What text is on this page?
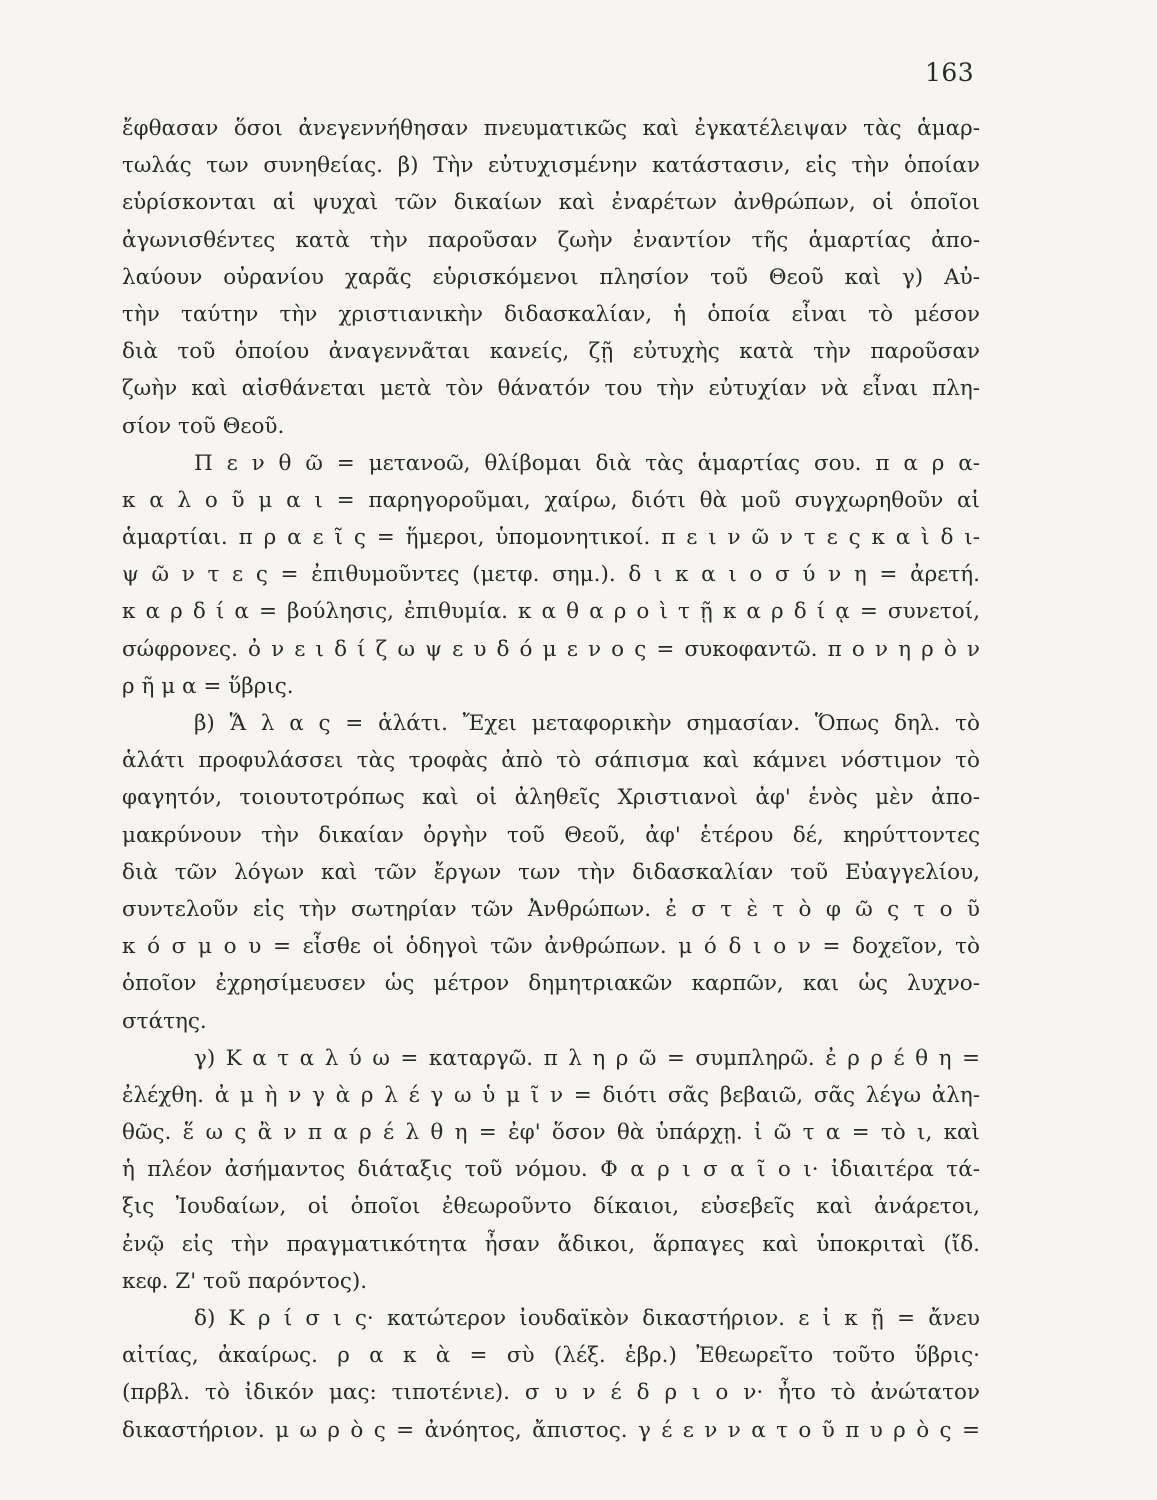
163
ἔφθασαν ὅσοι ἀνεγεννήθησαν πνευματικῶς καὶ ἐγκατέλειψαν τὰς ἁμαρ-
τωλάς των συνηθείας. β) Τὴν εὐτυχισμένην κατάστασιν, εἰς τὴν ὁποίαν
εὑρίσκονται αἱ ψυχαὶ τῶν δικαίων καὶ ἐναρέτων ἀνθρώπων, οἱ ὁποῖοι
ἀγωνισθέντες κατὰ τὴν παροῦσαν ζωὴν ἐναντίον τῆς ἁμαρτίας ἀπο-
λαύουν οὐρανίου χαρᾶς εὑρισκόμενοι πλησίον τοῦ Θεοῦ καὶ γ) Αὐ-
τὴν ταύτην τὴν χριστιανικὴν διδασκαλίαν, ἡ ὁποία εἶναι τὸ μέσον
διὰ τοῦ ὁποίου ἀναγεννᾶται κανείς, ζῇ εὐτυχὴς κατὰ τὴν παροῦσαν
ζωὴν καὶ αἰσθάνεται μετὰ τὸν θάνατόν του τὴν εὐτυχίαν νὰ εἶναι πλη-
σίον τοῦ Θεοῦ.
Π ε ν θ ῶ = μετανοῶ, θλίβομαι διὰ τὰς ἁμαρτίας σου. π α ρ α-
κ α λ ο ῦ μ α ι = παρηγοροῦμαι, χαίρω, διότι θὰ μοῦ συγχωρηθοῦν αἱ
ἁμαρτίαι. π ρ α ε ῖ ς = ἥμεροι, ὑπομονητικοί. π ε ι ν ῶ ν τ ε ς κ α ὶ δ ι-
ψ ῶ ν τ ε ς = ἐπιθυμοῦντες (μετφ. σημ.). δ ι κ α ι ο σ ύ ν η = ἀρετή.
κ α ρ δ ί α = βούλησις, ἐπιθυμία. κ α θ α ρ ο ὶ τ ῇ κ α ρ δ ί ᾳ = συνετοί,
σώφρονες. ὀ ν ε ι δ ί ζ ω ψ ε υ δ ό μ ε ν ο ς = συκοφαντῶ. π ο ν η ρ ὸ ν
ρ ῆ μ α = ὕβρις.
β) Ἅ λ α ς = ἁλάτι. Ἔχει μεταφορικὴν σημασίαν. Ὅπως δηλ. τὸ
ἁλάτι προφυλάσσει τὰς τροφὰς ἀπὸ τὸ σάπισμα καὶ κάμνει νόστιμον τὸ
φαγητόν, τοιουτοτρόπως καὶ οἱ ἀληθεῖς Χριστιανοὶ ἀφ' ἑνὸς μὲν ἀπο-
μακρύνουν τὴν δικαίαν ὀργὴν τοῦ Θεοῦ, ἀφ' ἑτέρου δέ, κηρύττοντες
διὰ τῶν λόγων καὶ τῶν ἔργων των τὴν διδασκαλίαν τοῦ Εὐαγγελίου,
συντελοῦν εἰς τὴν σωτηρίαν τῶν Ἀνθρώπων. ἐ σ τ ὲ τ ὸ φ ῶ ς τ ο ῦ
κ ό σ μ ο υ = εἶσθε οἱ ὁδηγοὶ τῶν ἀνθρώπων. μ ό δ ι ο ν = δοχεῖον, τὸ
ὁποῖον ἐχρησίμευσεν ὡς μέτρον δημητριακῶν καρπῶν, και ὡς λυχνο-
στάτης.
γ) Κ α τ α λ ύ ω = καταργῶ. π λ η ρ ῶ = συμπληρῶ. ἐ ρ ρ έ θ η =
ἐλέχθη. ἀ μ ὴ ν γ ὰ ρ λ έ γ ω ὑ μ ῖ ν = διότι σᾶς βεβαιῶ, σᾶς λέγω ἀλη-
θῶς. ἕ ω ς ἂ ν π α ρ έ λ θ η = ἐφ' ὅσον θὰ ὑπάρχῃ. ἰ ῶ τ α = τὸ ι, καὶ
ἡ πλέον ἀσήμαντος διάταξις τοῦ νόμου. Φ α ρ ι σ α ῖ ο ι· ἰδιαιτέρα τά-
ξις Ἰουδαίων, οἱ ὁποῖοι ἐθεωροῦντο δίκαιοι, εὐσεβεῖς καὶ ἀνάρετοι,
ἐνῷ εἰς τὴν πραγματικότητα ἦσαν ἄδικοι, ἅρπαγες καὶ ὑποκριταὶ (ἴδ.
κεφ. Ζ' τοῦ παρόντος).
δ) Κ ρ ί σ ι ς· κατώτερον ἰουδαϊκὸν δικαστήριον. ε ἰ κ ῇ = ἄνευ
αἰτίας, ἀκαίρως. ρ α κ ὰ = σὺ (λέξ. ἑβρ.) Ἐθεωρεῖτο τοῦτο ὕβρις·
(πρβλ. τὸ ἰδικόν μας: τιποτένιε). σ υ ν έ δ ρ ι ο ν· ἦτο τὸ ἀνώτατον
δικαστήριον. μ ω ρ ὸ ς = ἀνόητος, ἄπιστος. γ έ ε ν ν α τ ο ῦ π υ ρ ὸ ς =
